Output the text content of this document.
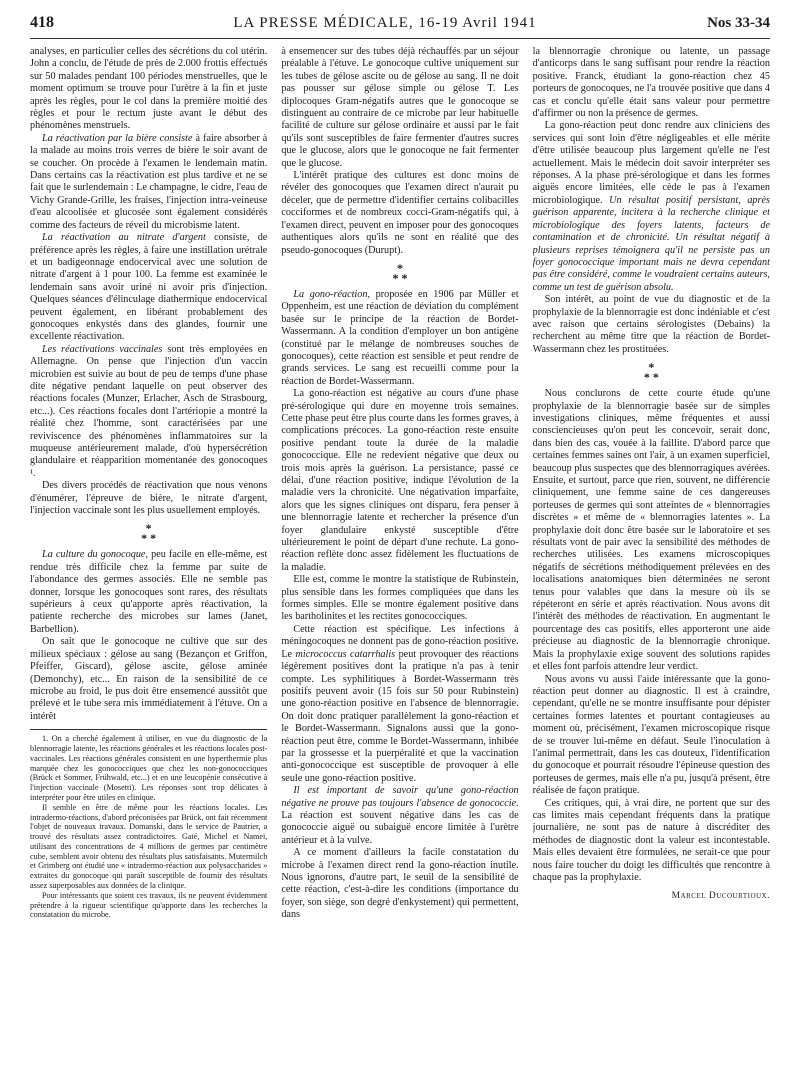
418	LA PRESSE MÉDICALE, 16-19 Avril 1941	Nos 33-34

analyses, en particulier celles des sécrétions du col utérin. John a conclu, de l'étude de près de 2.000 frottis effectués sur 50 malades pendant 100 périodes menstruelles, que le moment optimum se trouve pour l'urètre à la fin et juste après les règles, pour le col dans la première moitié des règles et pour le rectum juste avant le début des phénomènes menstruels.

La réactivation par la bière consiste à faire absorber à la malade au moins trois verres de bière le soir avant de se coucher. On procède à l'examen le lendemain matin. Dans certains cas la réactivation est plus tardive et ne se fait que le surlendemain : Le champagne, le cidre, l'eau de Vichy Grande-Grille, les fraises, l'injection intra-veineuse d'eau alcoolisée et glucosée sont également considérés comme des facteurs de réveil du microbisme latent.

La réactivation au nitrate d'argent consiste, de préférence après les règles, à faire une instillation urétrale et un badigeonnage endocervical avec une solution de nitrate d'argent à 1 pour 100. La femme est examinée le lendemain sans avoir uriné ni avoir pris d'injection. Quelques séances d'élinculage diathermique endocervical peuvent également, en libérant probablement des gonocoques enkystés dans des glandes, fournir une excellente réactivation.

Les réactivations vaccinales sont très employées en Allemagne. On pense que l'injection d'un vaccin microbien est suivie au bout de peu de temps d'une phase dite négative pendant laquelle on peut observer des réactions focales (Munzer, Erlacher, Asch de Strasbourg, etc...). Ces réactions focales dont l'artériopie a montré la réalité chez l'homme, sont caractérisées par une reviviscence des phénomènes inflammatoires sur la muqueuse antérieurement malade, d'où hypersécrétion glandulaire et réapparition momentanée des gonocoques ¹.

Des divers procédés de réactivation que nous venons d'énumérer, l'épreuve de bière, le nitrate d'argent, l'injection vaccinale sont les plus usuellement employés.

*
* *

La culture du gonocoque, peu facile en elle-même, est rendue très difficile chez la femme par suite de l'abondance des germes associés. Elle ne semble pas donner, lorsque les gonocoques sont rares, des résultats supérieurs à ceux qu'apporte après réactivation, la patiente recherche des microbes sur lames (Janet, Barbellion).

On sait que le gonocoque ne cultive que sur des milieux spéciaux : gélose au sang (Bezançon et Griffon, Pfeiffer, Giscard), gélose ascite, gélose aminée (Demonchy), etc... En raison de la sensibilité de ce microbe au froid, le pus doit être ensemencé aussitôt que prélevé et le tube sera mis immédiatement à l'étuve. On a intérêt

1. On a cherché également à utiliser, en vue du diagnostic de la blennorragie latente, les réactions générales et les réactions locales post-vaccinales. Les réactions générales consistent en une hyperthermie plus marquée chez les gonococciques que chez les non-gonococciques (Brück et Sommer, Frühwald, etc...) et en une leucopénie consécutive à l'injection vaccinale (Mosetti). Les réponses sont trop délicates à interpréter pour être utiles en clinique.

Il semble en être de même pour les réactions locales. Les intradermo-réactions, d'abord préconisées par Brück, ont fait récemment l'objet de nouveaux travaux. Domanski, dans le service de Pautrier, a trouvé des résultats assez contradictoires. Gaté, Michel et Namei, utilisant des concentrations de 4 millions de germes par centimètre cube, semblent avoir obtenu des résultats plus satisfaisants. Mutermilch et Grimberg ont étudié une « intradermo-réaction aux polysaccharides » extraites du gonocoque qui paraît susceptible de fournir des résultats assez superposables aux données de la clinique.

Pour intéressants que soient ces travaux, ils ne peuvent évidemment prétendre à la rigueur scientifique qu'apporte dans les recherches la constatation du microbe.

à ensemencer sur des tubes déjà réchauffés par un séjour préalable à l'étuve. Le gonocoque cultive uniquement sur les tubes de gélose ascite ou de gélose au sang. Il ne doit pas pousser sur gélose simple ou gélose T. Les diplocoques Gram-négatifs autres que le gonocoque se distinguent au contraire de ce microbe par leur habituelle facilité de culture sur gélose ordinaire et aussi par le fait qu'ils sont susceptibles de faire fermenter d'autres sucres que le glucose, alors que le gonocoque ne fait fermenter que le glucose.

L'intérêt pratique des cultures est donc moins de révéler des gonocoques que l'examen direct n'aurait pu déceler, que de permettre d'identifier certains colibacilles cocciformes et de nombreux cocci-Gram-négatifs qui, à l'examen direct, peuvent en imposer pour des gonocoques authentiques alors qu'ils ne sont en réalité que des pseudo-gonocoques (Durupt).

*
* *

La gono-réaction, proposée en 1906 par Müller et Oppenheim, est une réaction de déviation du complément basée sur le principe de la réaction de Bordet-Wassermann. A la condition d'employer un bon antigène (constitué par le mélange de nombreuses souches de gonocoques), cette réaction est sensible et peut rendre de grands services. Le sang est recueilli comme pour la réaction de Bordet-Wassermann.

La gono-réaction est négative au cours d'une phase pré-sérologique qui dure en moyenne trois semaines. Cette phase peut être plus courte dans les formes graves, à complications précoces. La gono-réaction reste ensuite positive pendant toute la durée de la maladie gonococcique. Elle ne redevient négative que deux ou trois mois après la guérison. La persistance, passé ce délai, d'une réaction positive, indique l'évolution de la maladie vers la chronicité. Une négativation imparfaite, alors que les signes cliniques ont disparu, fera penser à une blennorragie latente et rechercher la présence d'un foyer glandulaire enkysté susceptible d'être ultérieurement le point de départ d'une rechute. La gono-réaction reflète donc assez fidèlement les fluctuations de la maladie.

Elle est, comme le montre la statistique de Rubinstein, plus sensible dans les formes compliquées que dans les formes simples. Elle se montre également positive dans les bartholinites et les rectites gonococciques.

Cette réaction est spécifique. Les infections à méningocoques ne donnent pas de gono-réaction positive. Le micrococcus catarrhalis peut provoquer des réactions légèrement positives dont la pratique n'a pas à tenir compte. Les syphilitiques à Bordet-Wassermann très positifs peuvent avoir (15 fois sur 50 pour Rubinstein) une gono-réaction positive en l'absence de blennorragie. On doit donc pratiquer parallèlement la gono-réaction et le Bordet-Wassermann. Signalons aussi que la gono-réaction peut être, comme le Bordet-Wassermann, inhibée par la grossesse et la puerpéralité et que la vaccination anti-gonococcique est susceptible de provoquer à elle seule une gono-réaction positive.

Il est important de savoir qu'une gono-réaction négative ne prouve pas toujours l'absence de gonococcie. La réaction est souvent négative dans les cas de gonococcie aiguë ou subaiguë encore limitée à l'urètre antérieur et à la vulve.

A ce moment d'ailleurs la facile constatation du microbe à l'examen direct rend la gono-réaction inutile. Nous ignorons, d'autre part, le seuil de la sensibilité de cette réaction, c'est-à-dire les conditions (importance du foyer, son siège, son degré d'enkystement) qui permettent, dans

la blennorragie chronique ou latente, un passage d'anticorps dans le sang suffisant pour rendre la réaction positive. Franck, étudiant la gono-réaction chez 45 porteurs de gonocoques, ne l'a trouvée positive que dans 4 cas et conclu qu'elle était sans valeur pour permettre d'affirmer ou non la présence de germes.

La gono-réaction peut donc rendre aux cliniciens des services qui sont loin d'être négligeables et elle mérite d'être utilisée beaucoup plus largement qu'elle ne l'est actuellement. Mais le médecin doit savoir interpréter ses réponses. A la phase pré-sérologique et dans les formes aiguës encore limitées, elle cède le pas à l'examen microbiologique. Un résultat positif persistant, après guérison apparente, incitera à la recherche clinique et microbiologique des foyers latents, facteurs de contamination et de chronicité. Un résultat négatif à plusieurs reprises témoignera qu'il ne persiste pas un foyer gonococcique important mais ne devra cependant pas être considéré, comme le voudraient certains auteurs, comme un test de guérison absolu.

Son intérêt, au point de vue du diagnostic et de la prophylaxie de la blennorragie est donc indéniable et c'est avec raison que certains sérologistes (Debains) la recherchent au même titre que la réaction de Bordet-Wassermann chez les prostituées.

*
* *

Nous conclurons de cette courte étude qu'une prophylaxie de la blennorragie basée sur de simples investigations cliniques, même fréquentes et aussi consciencieuses qu'on peut les concevoir, serait donc, dans bien des cas, vouée à la faillite. D'abord parce que certaines femmes saines ont l'air, à un examen superficiel, beaucoup plus suspectes que des blennorragiques avérées. Ensuite, et surtout, parce que rien, souvent, ne différencie cliniquement, une femme saine de ces dangereuses porteuses de germes qui sont atteintes de « blennorragies discrètes » et même de « blennorragies latentes ». La prophylaxie doit donc être basée sur le laboratoire et ses résultats vont de pair avec la sensibilité des méthodes de recherches utilisées. Les examens microscopiques négatifs de sécrétions méthodiquement prélevées en des localisations anatomiques bien déterminées ne seront tenus pour valables que dans la mesure où ils se répéteront en série et après réactivation. Nous avons dit l'intérêt des méthodes de réactivation. En augmentant le pourcentage des cas positifs, elles apporteront une aide précieuse au diagnostic de la blennorragie chronique. Mais la prophylaxie exige souvent des solutions rapides et elles font parfois attendre leur verdict.

Nous avons vu aussi l'aide intéressante que la gono-réaction peut donner au diagnostic. Il est à craindre, cependant, qu'elle ne se montre insuffisante pour dépister certaines formes latentes et pourtant contagieuses au moment où, précisément, l'examen microscopique risque de se trouver lui-même en défaut. Seule l'inoculation à l'animal permettrait, dans les cas douteux, l'identification du gonocoque et pourrait résoudre l'épineuse question des porteuses de germes, mais elle n'a pu, jusqu'à présent, être réalisée de façon pratique.

Ces critiques, qui, à vrai dire, ne portent que sur des cas limites mais cependant fréquents dans la pratique journalière, ne sont pas de nature à discréditer des méthodes de diagnostic dont la valeur est incontestable. Mais elles devaient être formulées, ne serait-ce que pour nous faire toucher du doigt les difficultés que rencontre à chaque pas la prophylaxie.

Marcel Ducourtioux.
